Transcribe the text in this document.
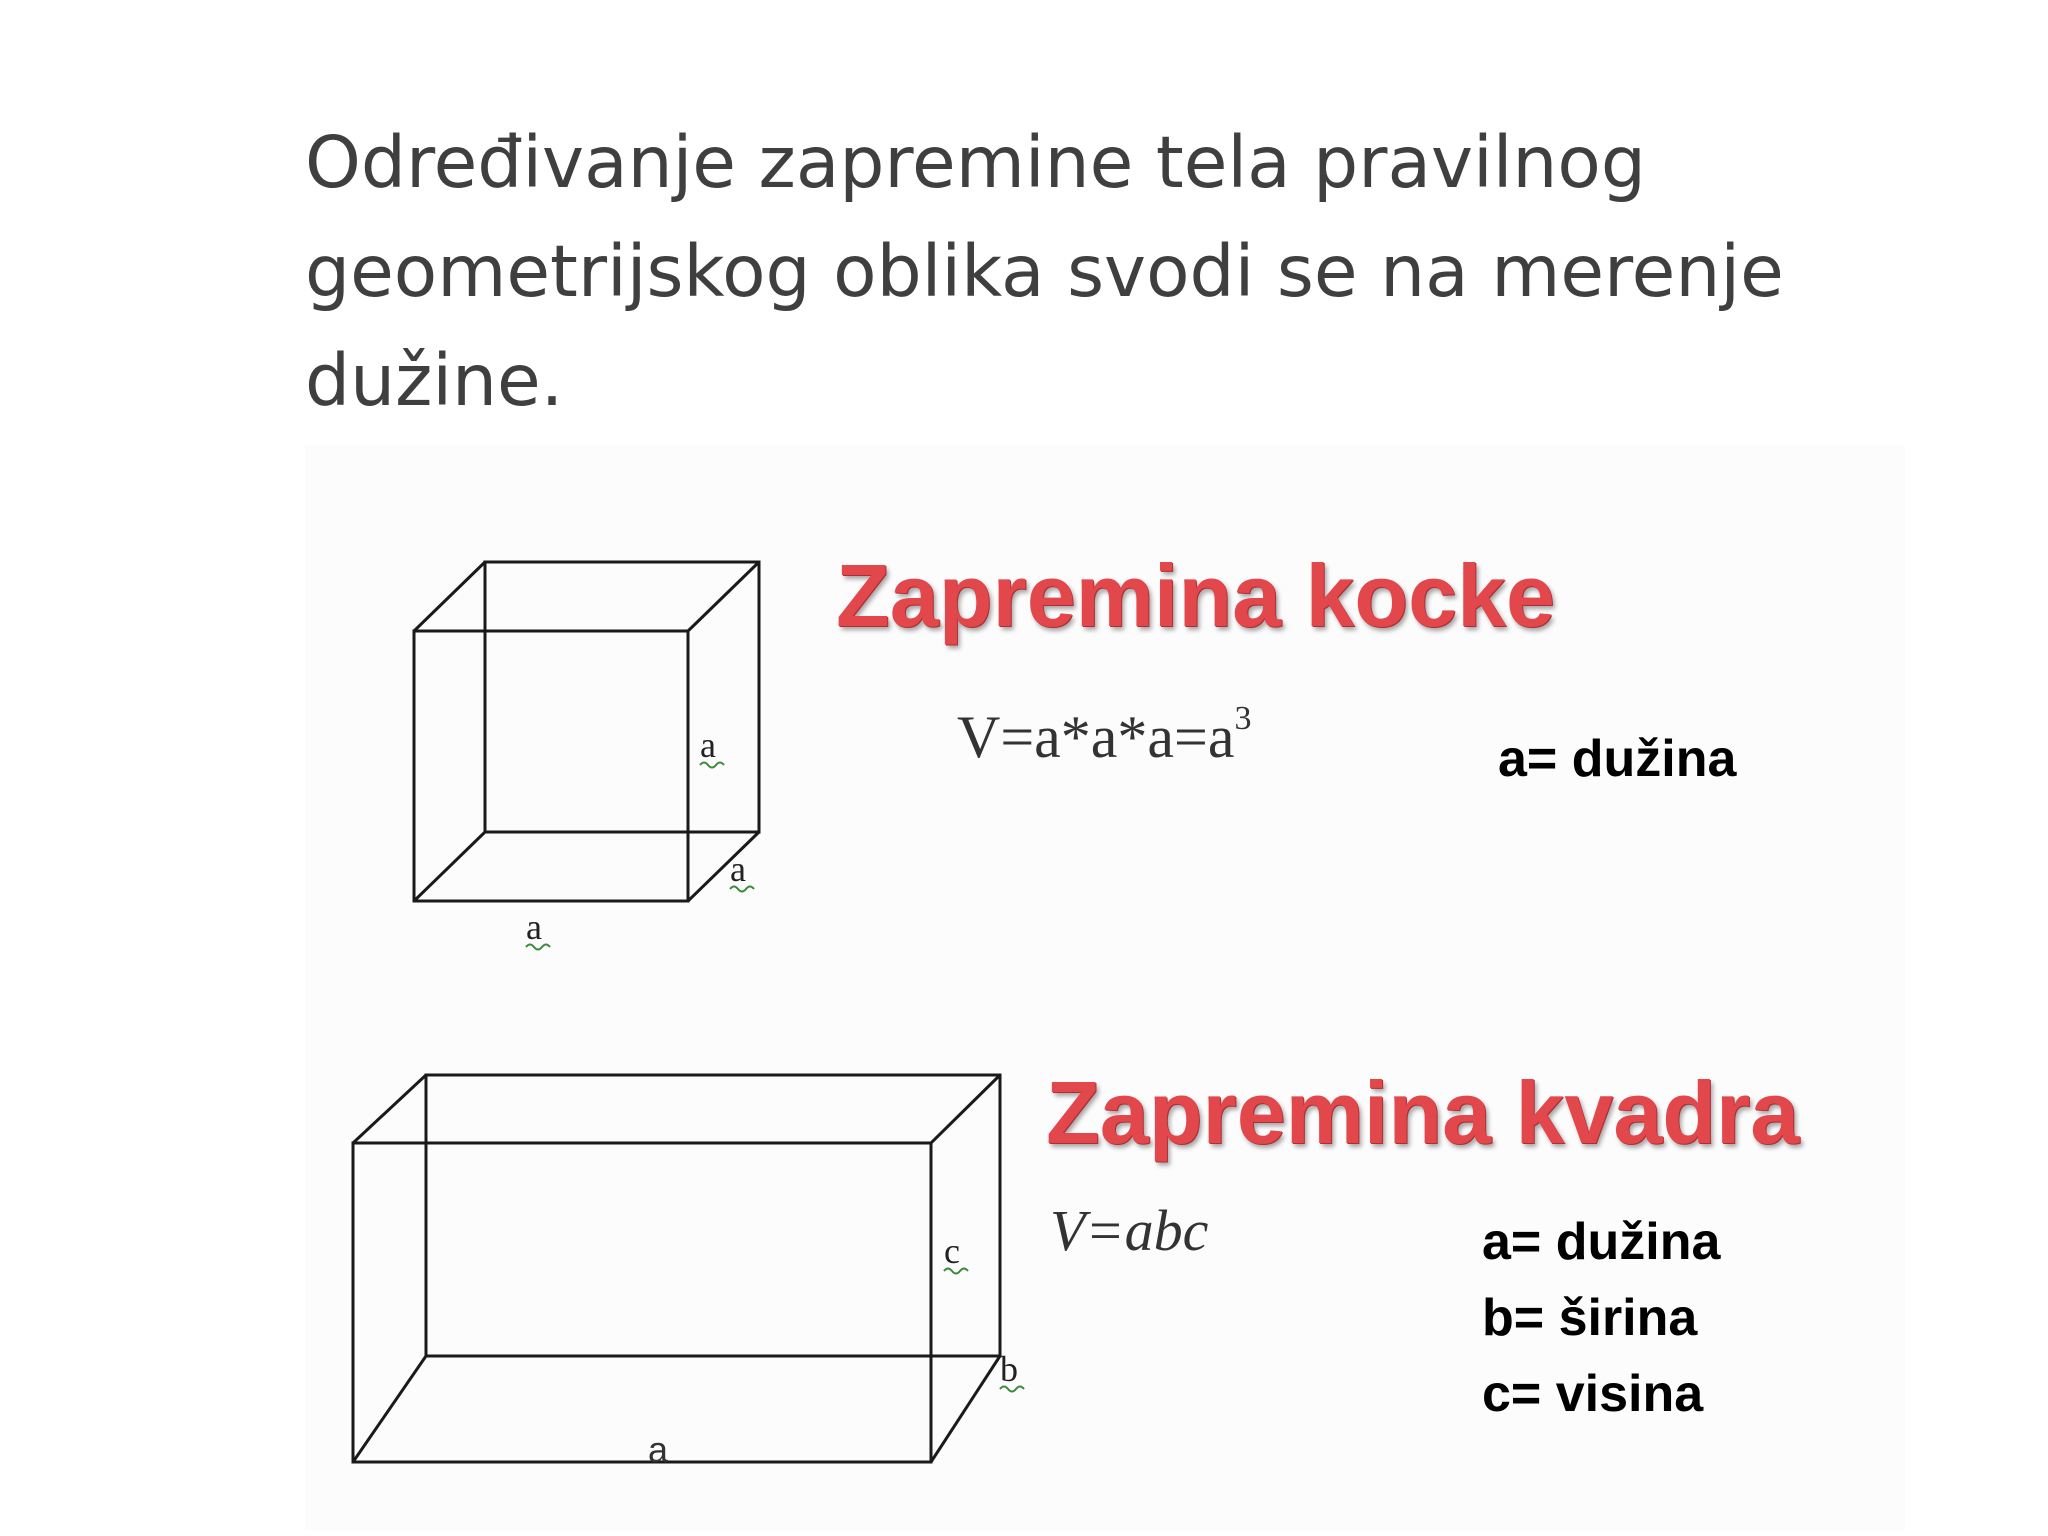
Određivanje zapremine tela pravilnog
geometrijskog oblika svodi se na merenje
dužine.

a
a
a
Zapremina kocke

$V=a*a*a=a^3$

a= dužina

c
b
a
Zapremina kvadra

V=abc	a= dužina
b= širina
c= visina
